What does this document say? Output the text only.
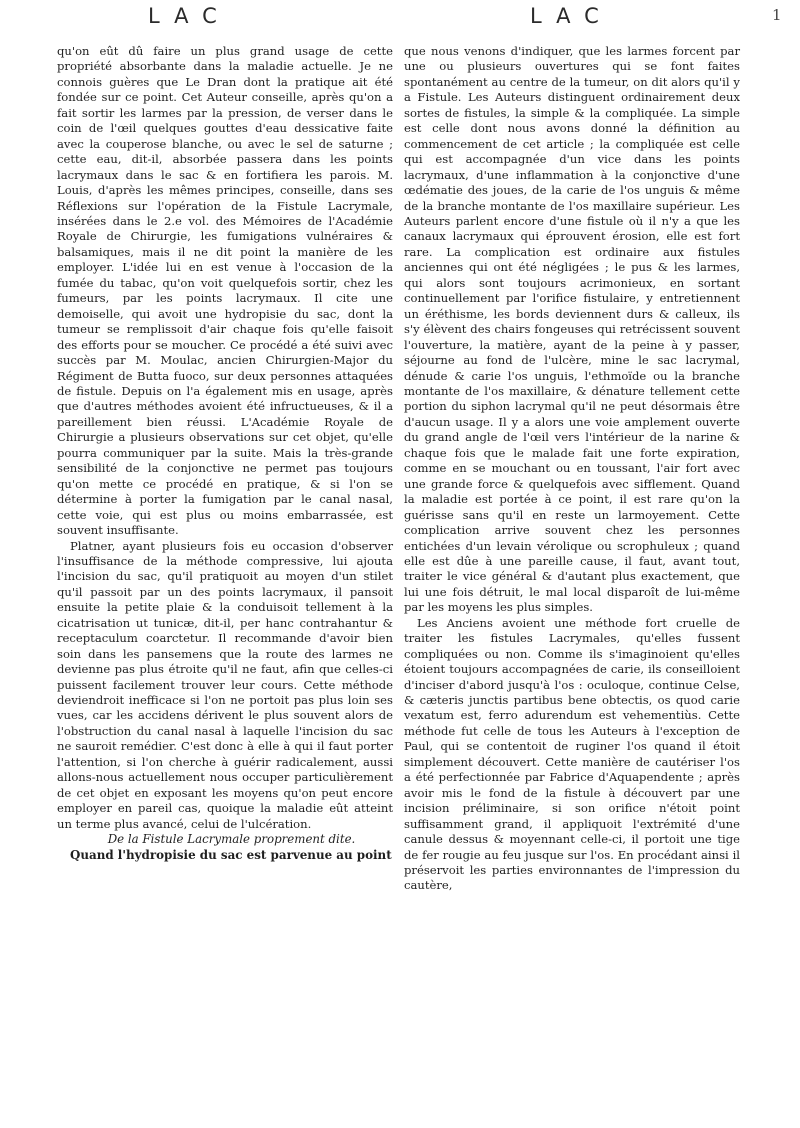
LAC	LAC	1

qu'on eût dû faire un plus grand usage de cette propriété absorbante dans la maladie actuelle. Je ne connois guères que Le Dran dont la pratique ait été fondée sur ce point. Cet Auteur conseille, après qu'on a fait sortir les larmes par la pression, de verser dans le coin de l'œil quelques gouttes d'eau dessicative faite avec la couperose blanche, ou avec le sel de saturne ; cette eau, dit-il, absorbée passera dans les points lacrymaux dans le sac & en fortifiera les parois. M. Louis, d'après les mêmes principes, conseille, dans ses Réflexions sur l'opération de la Fistule Lacrymale, insérées dans le 2.e vol. des Mémoires de l'Académie Royale de Chirurgie, les fumigations vulnéraires & balsamiques, mais il ne dit point la manière de les employer. L'idée lui en est venue à l'occasion de la fumée du tabac, qu'on voit quelquefois sortir, chez les fumeurs, par les points lacrymaux. Il cite une demoiselle, qui avoit une hydropisie du sac, dont la tumeur se remplissoit d'air chaque fois qu'elle faisoit des efforts pour se moucher. Ce procédé a été suivi avec succès par M. Moulac, ancien Chirurgien-Major du Régiment de Butta fuoco, sur deux personnes attaquées de fistule. Depuis on l'a également mis en usage, après que d'autres méthodes avoient été infructueuses, & il a pareillement bien réussi. L'Académie Royale de Chirurgie a plusieurs observations sur cet objet, qu'elle pourra communiquer par la suite. Mais la très-grande sensibilité de la conjonctive ne permet pas toujours qu'on mette ce procédé en pratique, & si l'on se détermine à porter la fumigation par le canal nasal, cette voie, qui est plus ou moins embarrassée, est souvent insuffisante.

Platner, ayant plusieurs fois eu occasion d'observer l'insuffisance de la méthode compressive, lui ajouta l'incision du sac, qu'il pratiquoit au moyen d'un stilet qu'il passoit par un des points lacrymaux, il pansoit ensuite la petite plaie & la conduisoit tellement à la cicatrisation ut tunicæ, dit-il, per hanc contrahantur & receptaculum coarctetur. Il recommande d'avoir bien soin dans les pansemens que la route des larmes ne devienne pas plus étroite qu'il ne faut, afin que celles-ci puissent facilement trouver leur cours. Cette méthode deviendroit inefficace si l'on ne portoit pas plus loin ses vues, car les accidens dérivent le plus souvent alors de l'obstruction du canal nasal à laquelle l'incision du sac ne sauroit remédier. C'est donc à elle à qui il faut porter l'attention, si l'on cherche à guérir radicalement, aussi allons-nous actuellement nous occuper particulièrement de cet objet en exposant les moyens qu'on peut encore employer en pareil cas, quoique la maladie eût atteint un terme plus avancé, celui de l'ulcération.

De la Fistule Lacrymale proprement dite.

Quand l'hydropisie du sac est parvenue au point

que nous venons d'indiquer, que les larmes forcent par une ou plusieurs ouvertures qui se font faites spontanément au centre de la tumeur, on dit alors qu'il y a Fistule. Les Auteurs distinguent ordinairement deux sortes de fistules, la simple & la compliquée. La simple est celle dont nous avons donné la définition au commencement de cet article ; la compliquée est celle qui est accompagnée d'un vice dans les points lacrymaux, d'une inflammation à la conjonctive d'une œdématie des joues, de la carie de l'os unguis & même de la branche montante de l'os maxillaire supérieur. Les Auteurs parlent encore d'une fistule où il n'y a que les canaux lacrymaux qui éprouvent érosion, elle est fort rare. La complication est ordinaire aux fistules anciennes qui ont été négligées ; le pus & les larmes, qui alors sont toujours acrimonieux, en sortant continuellement par l'orifice fistulaire, y entretiennent un éréthisme, les bords deviennent durs & calleux, ils s'y élèvent des chairs fongeuses qui retrécissent souvent l'ouverture, la matière, ayant de la peine à y passer, séjourne au fond de l'ulcère, mine le sac lacrymal, dénude & carie l'os unguis, l'ethmoïde ou la branche montante de l'os maxillaire, & dénature tellement cette portion du siphon lacrymal qu'il ne peut désormais être d'aucun usage. Il y a alors une voie amplement ouverte du grand angle de l'œil vers l'intérieur de la narine & chaque fois que le malade fait une forte expiration, comme en se mouchant ou en toussant, l'air fort avec une grande force & quelquefois avec sifflement. Quand la maladie est portée à ce point, il est rare qu'on la guérisse sans qu'il en reste un larmoyement. Cette complication arrive souvent chez les personnes entichées d'un levain vérolique ou scrophuleux ; quand elle est dûe à une pareille cause, il faut, avant tout, traiter le vice général & d'autant plus exactement, que lui une fois détruit, le mal local disparoît de lui-même par les moyens les plus simples.

Les Anciens avoient une méthode fort cruelle de traiter les fistules Lacrymales, qu'elles fussent compliquées ou non. Comme ils s'imaginoient qu'elles étoient toujours accompagnées de carie, ils conseilloient d'inciser d'abord jusqu'à l'os : oculoque, continue Celse, & cæteris junctis partibus bene obtectis, os quod carie vexatum est, ferro adurendum est vehementiùs. Cette méthode fut celle de tous les Auteurs à l'exception de Paul, qui se contentoit de ruginer l'os quand il étoit simplement découvert. Cette manière de cautériser l'os a été perfectionnée par Fabrice d'Aquapendente ; après avoir mis le fond de la fistule à découvert par une incision préliminaire, si son orifice n'étoit point suffisamment grand, il appliquoit l'extrémité d'une canule dessus & moyennant celle-ci, il portoit une tige de fer rougie au feu jusque sur l'os. En procédant ainsi il préservoit les parties environnantes de l'impression du cautère,
